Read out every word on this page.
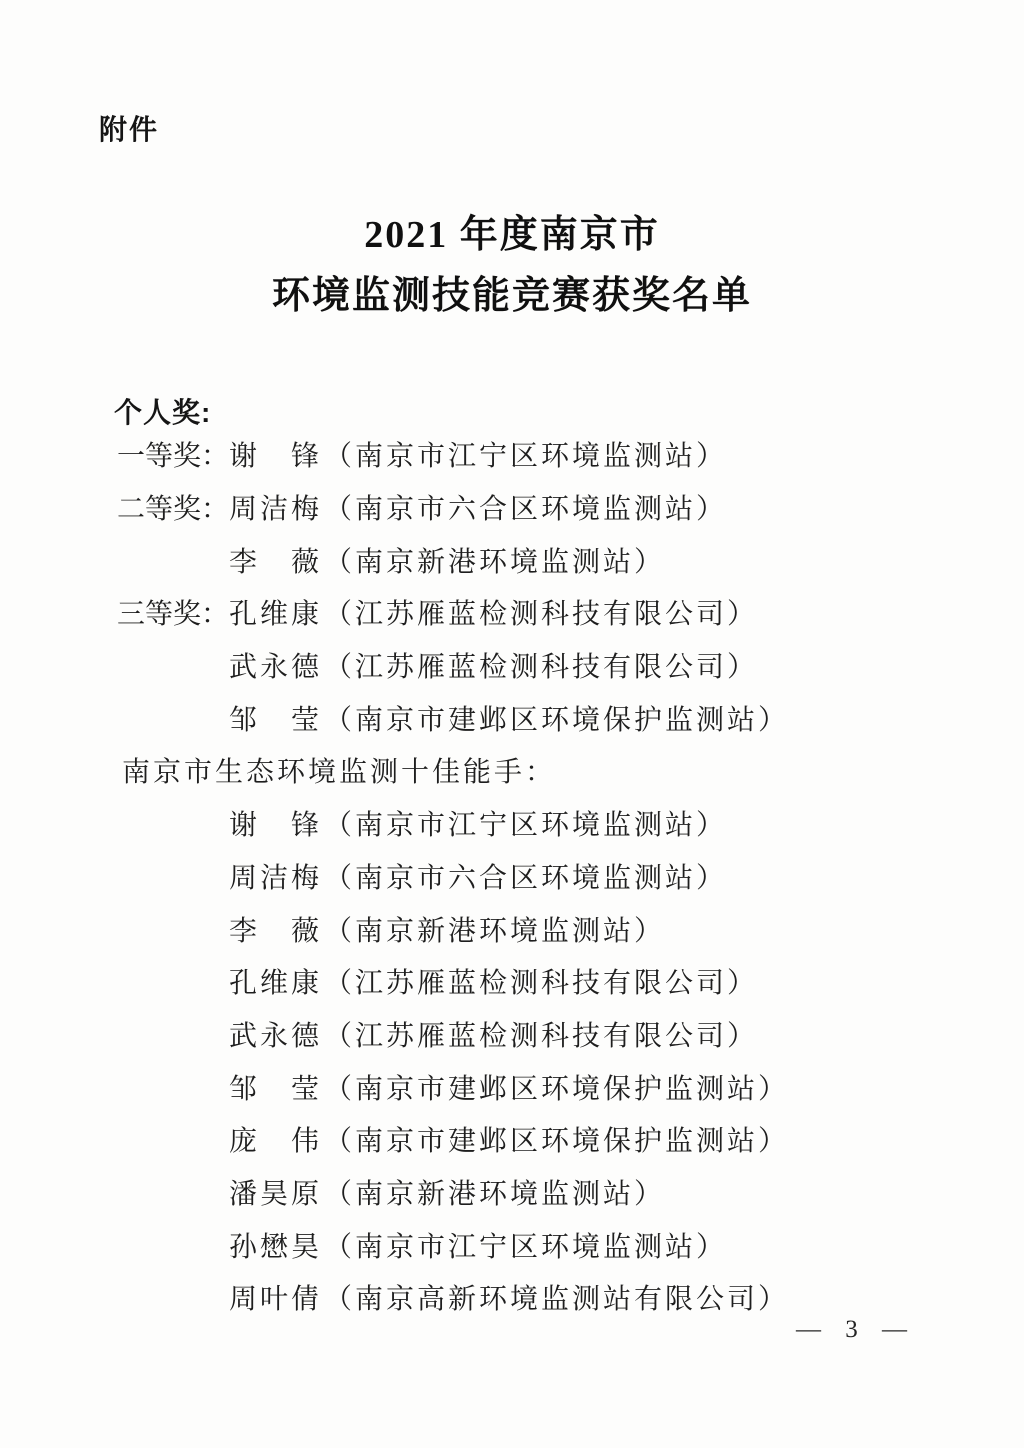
附件
2021 年度南京市
环境监测技能竞赛获奖名单
个人奖:
一等奖： 谢　锋 （南京市江宁区环境监测站）
二等奖： 周洁梅 （南京市六合区环境监测站）
李　薇 （南京新港环境监测站）
三等奖： 孔维康 （江苏雁蓝检测科技有限公司）
武永德 （江苏雁蓝检测科技有限公司）
邹　莹 （南京市建邺区环境保护监测站）
南京市生态环境监测十佳能手：
谢　锋 （南京市江宁区环境监测站）
周洁梅 （南京市六合区环境监测站）
李　薇 （南京新港环境监测站）
孔维康 （江苏雁蓝检测科技有限公司）
武永德 （江苏雁蓝检测科技有限公司）
邹　莹 （南京市建邺区环境保护监测站）
庞　伟 （南京市建邺区环境保护监测站）
潘昊原 （南京新港环境监测站）
孙懋昊 （南京市江宁区环境监测站）
周叶倩 （南京高新环境监测站有限公司）
— 3 —
